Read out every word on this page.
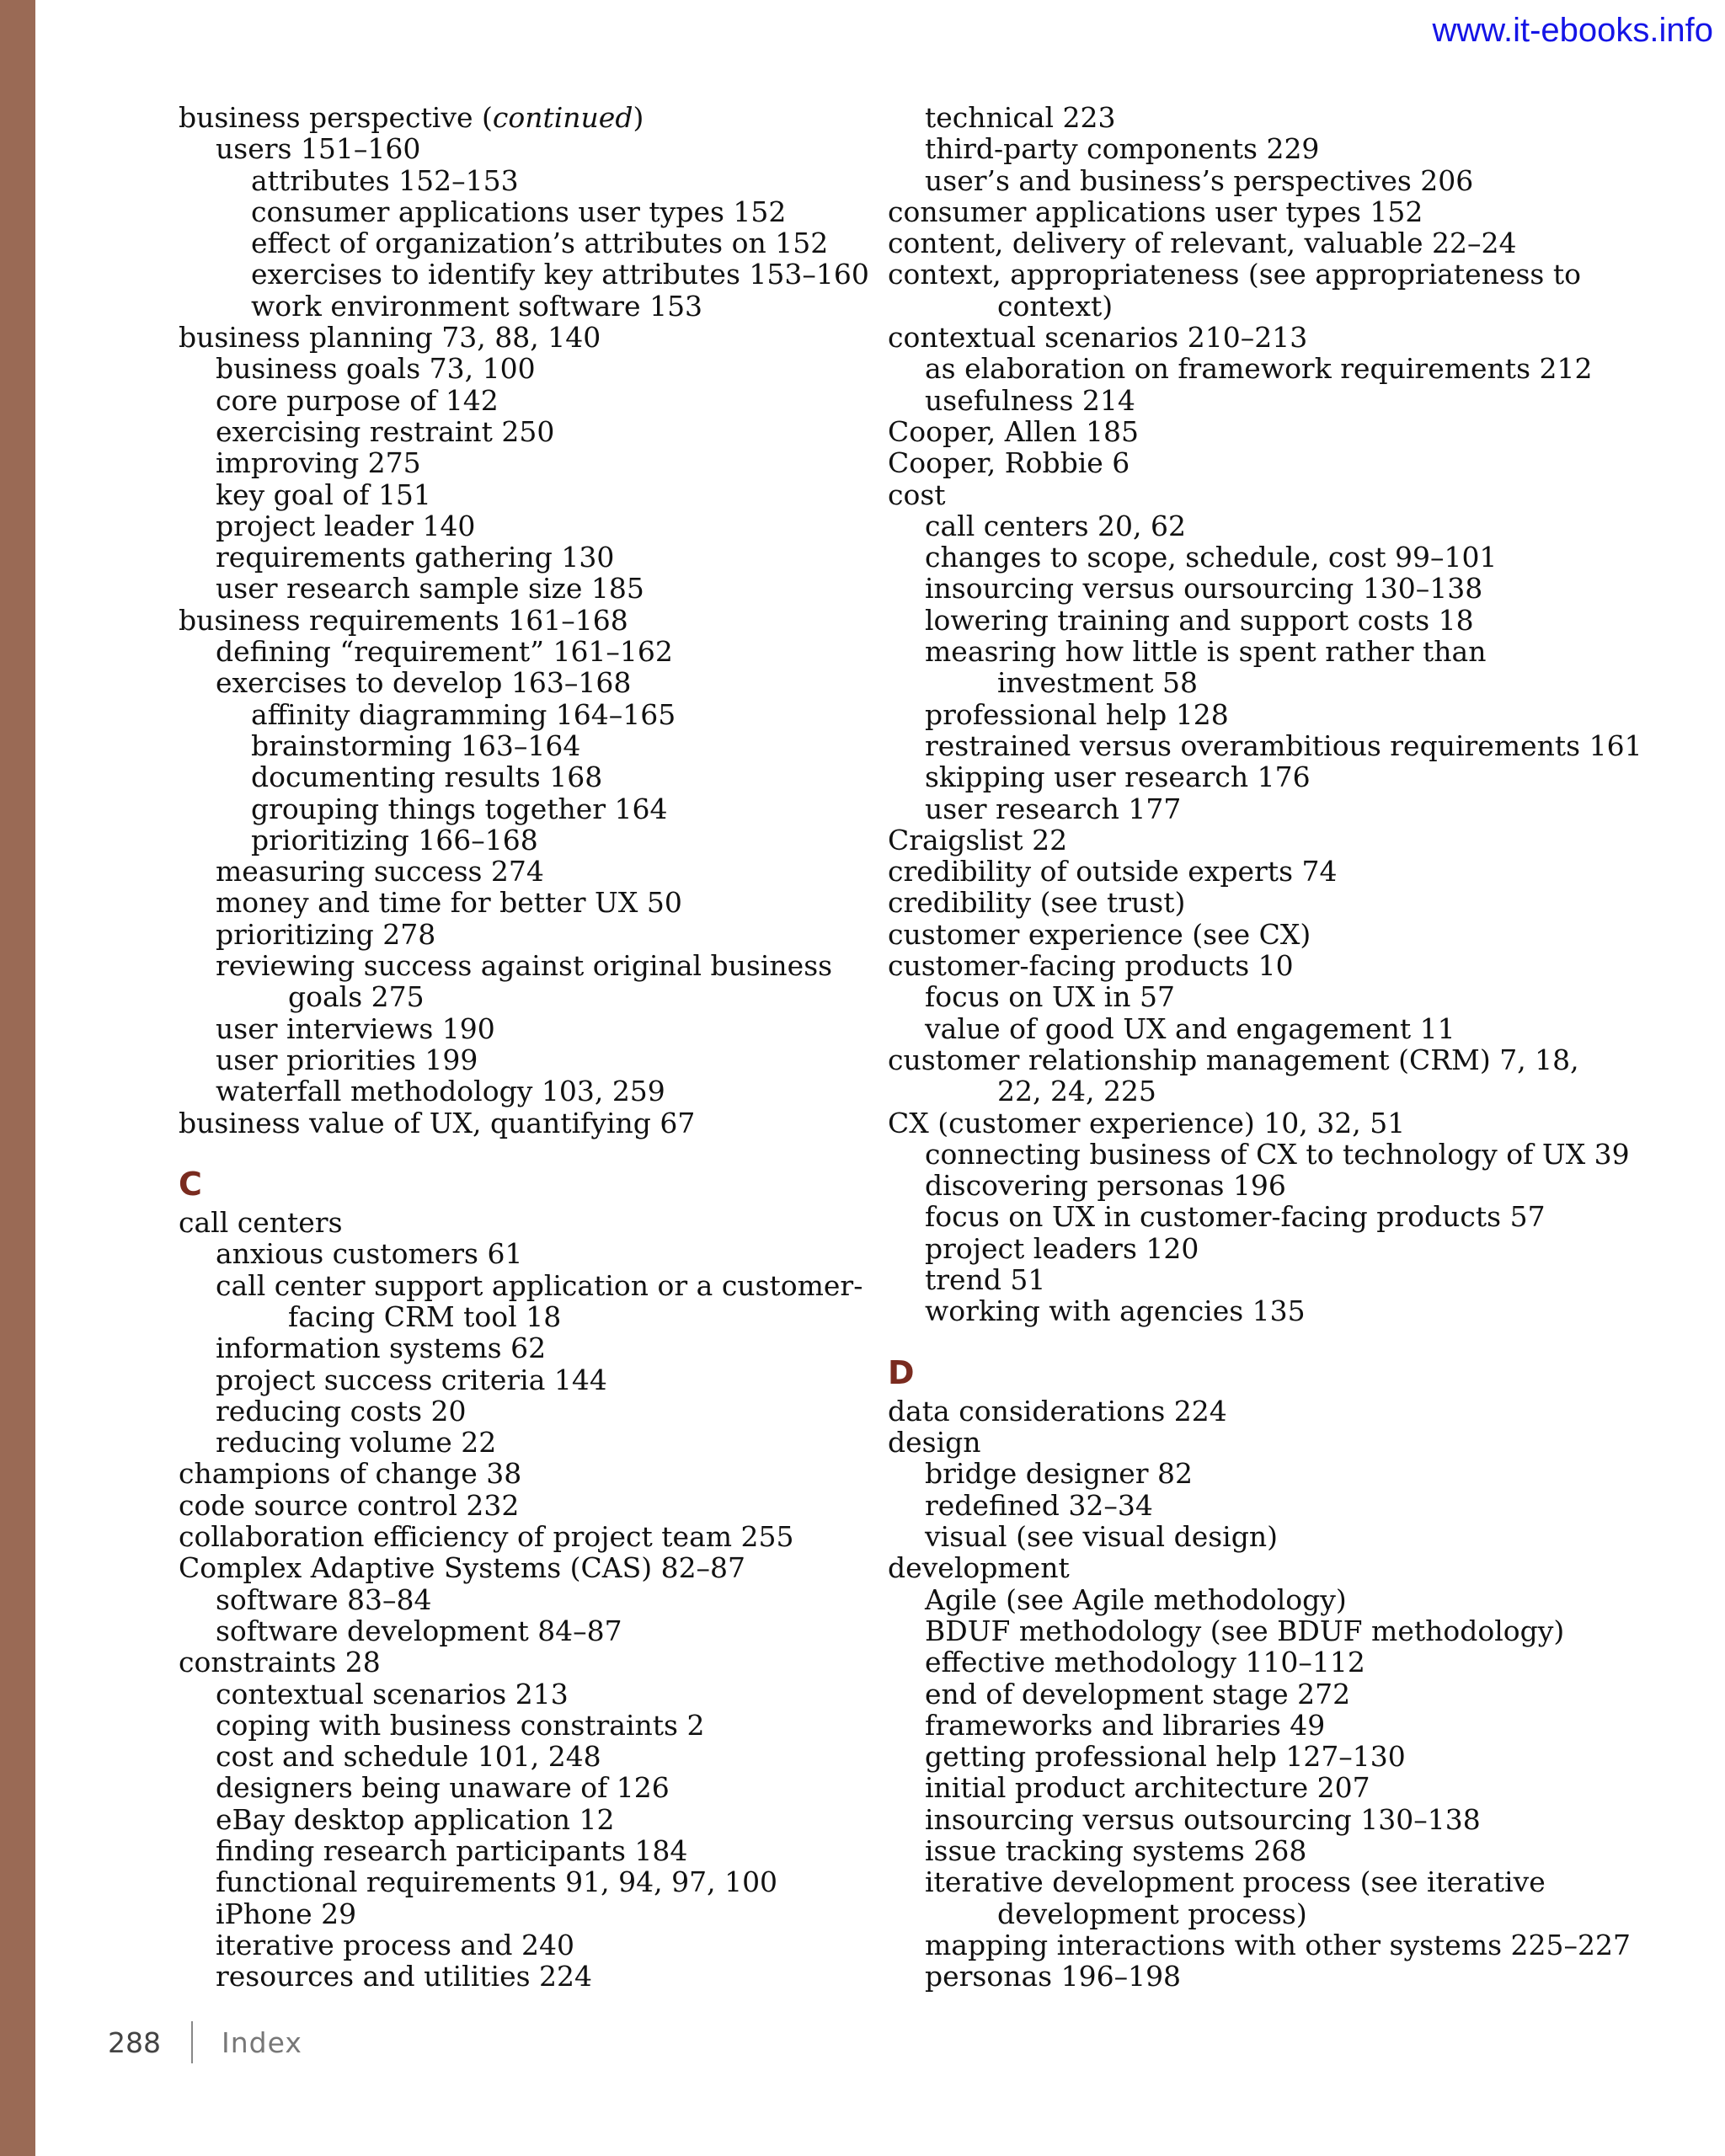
www.it-ebooks.info

business perspective (continued)

users 151–160

attributes 152–153

consumer applications user types 152

effect of organization’s attributes on 152

exercises to identify key attributes 153–160

work environment software 153

business planning 73, 88, 140

business goals 73, 100

core purpose of 142

exercising restraint 250

improving 275

key goal of 151

project leader 140

requirements gathering 130

user research sample size 185

business requirements 161–168

defining “requirement” 161–162

exercises to develop 163–168

affinity diagramming 164–165

brainstorming 163–164

documenting results 168

grouping things together 164

prioritizing 166–168

measuring success 274

money and time for better UX 50

prioritizing 278

reviewing success against original business

goals 275

user interviews 190

user priorities 199

waterfall methodology 103, 259

business value of UX, quantifying 67

C

call centers

anxious customers 61

call center support application or a customer-

facing CRM tool 18

information systems 62

project success criteria 144

reducing costs 20

reducing volume 22

champions of change 38

code source control 232

collaboration efficiency of project team 255

Complex Adaptive Systems (CAS) 82–87

software 83–84

software development 84–87

constraints 28

contextual scenarios 213

coping with business constraints 2

cost and schedule 101, 248

designers being unaware of 126

eBay desktop application 12

finding research participants 184

functional requirements 91, 94, 97, 100

iPhone 29

iterative process and 240

resources and utilities 224

technical 223

third-party components 229

user’s and business’s perspectives 206

consumer applications user types 152

content, delivery of relevant, valuable 22–24

context, appropriateness (see appropriateness to

context)

contextual scenarios 210–213

as elaboration on framework requirements 212

usefulness 214

Cooper, Allen 185

Cooper, Robbie 6

cost

call centers 20, 62

changes to scope, schedule, cost 99–101

insourcing versus oursourcing 130–138

lowering training and support costs 18

measring how little is spent rather than

investment 58

professional help 128

restrained versus overambitious requirements 161

skipping user research 176

user research 177

Craigslist 22

credibility of outside experts 74

credibility (see trust)

customer experience (see CX)

customer-facing products 10

focus on UX in 57

value of good UX and engagement 11

customer relationship management (CRM) 7, 18,

22, 24, 225

CX (customer experience) 10, 32, 51

connecting business of CX to technology of UX 39

discovering personas 196

focus on UX in customer-facing products 57

project leaders 120

trend 51

working with agencies 135

D

data considerations 224

design

bridge designer 82

redefined 32–34

visual (see visual design)

development

Agile (see Agile methodology)

BDUF methodology (see BDUF methodology)

effective methodology 110–112

end of development stage 272

frameworks and libraries 49

getting professional help 127–130

initial product architecture 207

insourcing versus outsourcing 130–138

issue tracking systems 268

iterative development process (see iterative

development process)

mapping interactions with other systems 225–227

personas 196–198

288 Index
